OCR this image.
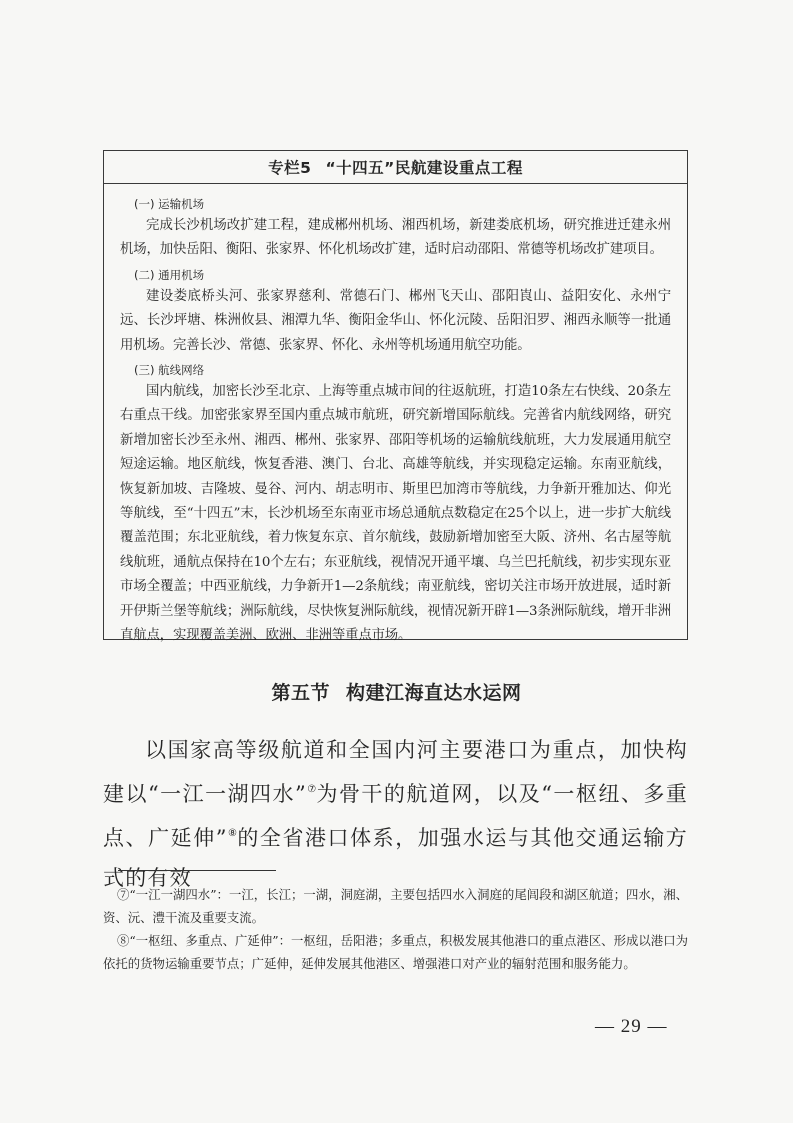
专栏5 “十四五”民航建设重点工程
(一) 运输机场

完成长沙机场改扩建工程，建成郴州机场、湘西机场，新建娄底机场，研究推进迁建永州机场，加快岳阳、衡阳、张家界、怀化机场改扩建，适时启动邵阳、常德等机场改扩建项目。

(二) 通用机场

建设娄底桥头河、张家界慈利、常德石门、郴州飞天山、邵阳崀山、益阳安化、永州宁远、长沙坪塘、株洲攸县、湘潭九华、衡阳金华山、怀化沅陵、岳阳汨罗、湘西永顺等一批通用机场。完善长沙、常德、张家界、怀化、永州等机场通用航空功能。

(三) 航线网络

国内航线，加密长沙至北京、上海等重点城市间的往返航班，打造10条左右快线、20条左右重点干线。加密张家界至国内重点城市航班，研究新增国际航线。完善省内航线网络，研究新增加密长沙至永州、湘西、郴州、张家界、邵阳等机场的运输航线航班，大力发展通用航空短途运输。地区航线，恢复香港、澳门、台北、高雄等航线，并实现稳定运输。东南亚航线，恢复新加坡、吉隆坡、曼谷、河内、胡志明市、斯里巴加湾市等航线，力争新开雅加达、仰光等航线，至“十四五”末，长沙机场至东南亚市场总通航点数稳定在25个以上，进一步扩大航线覆盖范围；东北亚航线，着力恢复东京、首尔航线，鼓励新增加密至大阪、济州、名古屋等航线航班，通航点保持在10个左右；东亚航线，视情况开通平壤、乌兰巴托航线，初步实现东亚市场全覆盖；中西亚航线，力争新开1—2条航线；南亚航线，密切关注市场开放进展，适时新开伊斯兰堡等航线；洲际航线，尽快恢复洲际航线，视情况新开辟1—3条洲际航线，增开非洲直航点，实现覆盖美洲、欧洲、非洲等重点市场。

第五节 构建江海直达水运网

以国家高等级航道和全国内河主要港口为重点，加快构建以“一江一湖四水”⑦为骨干的航道网，以及“一枢纽、多重点、广延伸”⑧的全省港口体系，加强水运与其他交通运输方式的有效

⑦“一江一湖四水”：一江，长江；一湖，洞庭湖，主要包括四水入洞庭的尾闾段和湖区航道；四水，湘、资、沅、澧干流及重要支流。

⑧“一枢纽、多重点、广延伸”：一枢纽，岳阳港；多重点，积极发展其他港口的重点港区、形成以港口为依托的货物运输重要节点；广延伸，延伸发展其他港区、增强港口对产业的辐射范围和服务能力。

— 29 —
